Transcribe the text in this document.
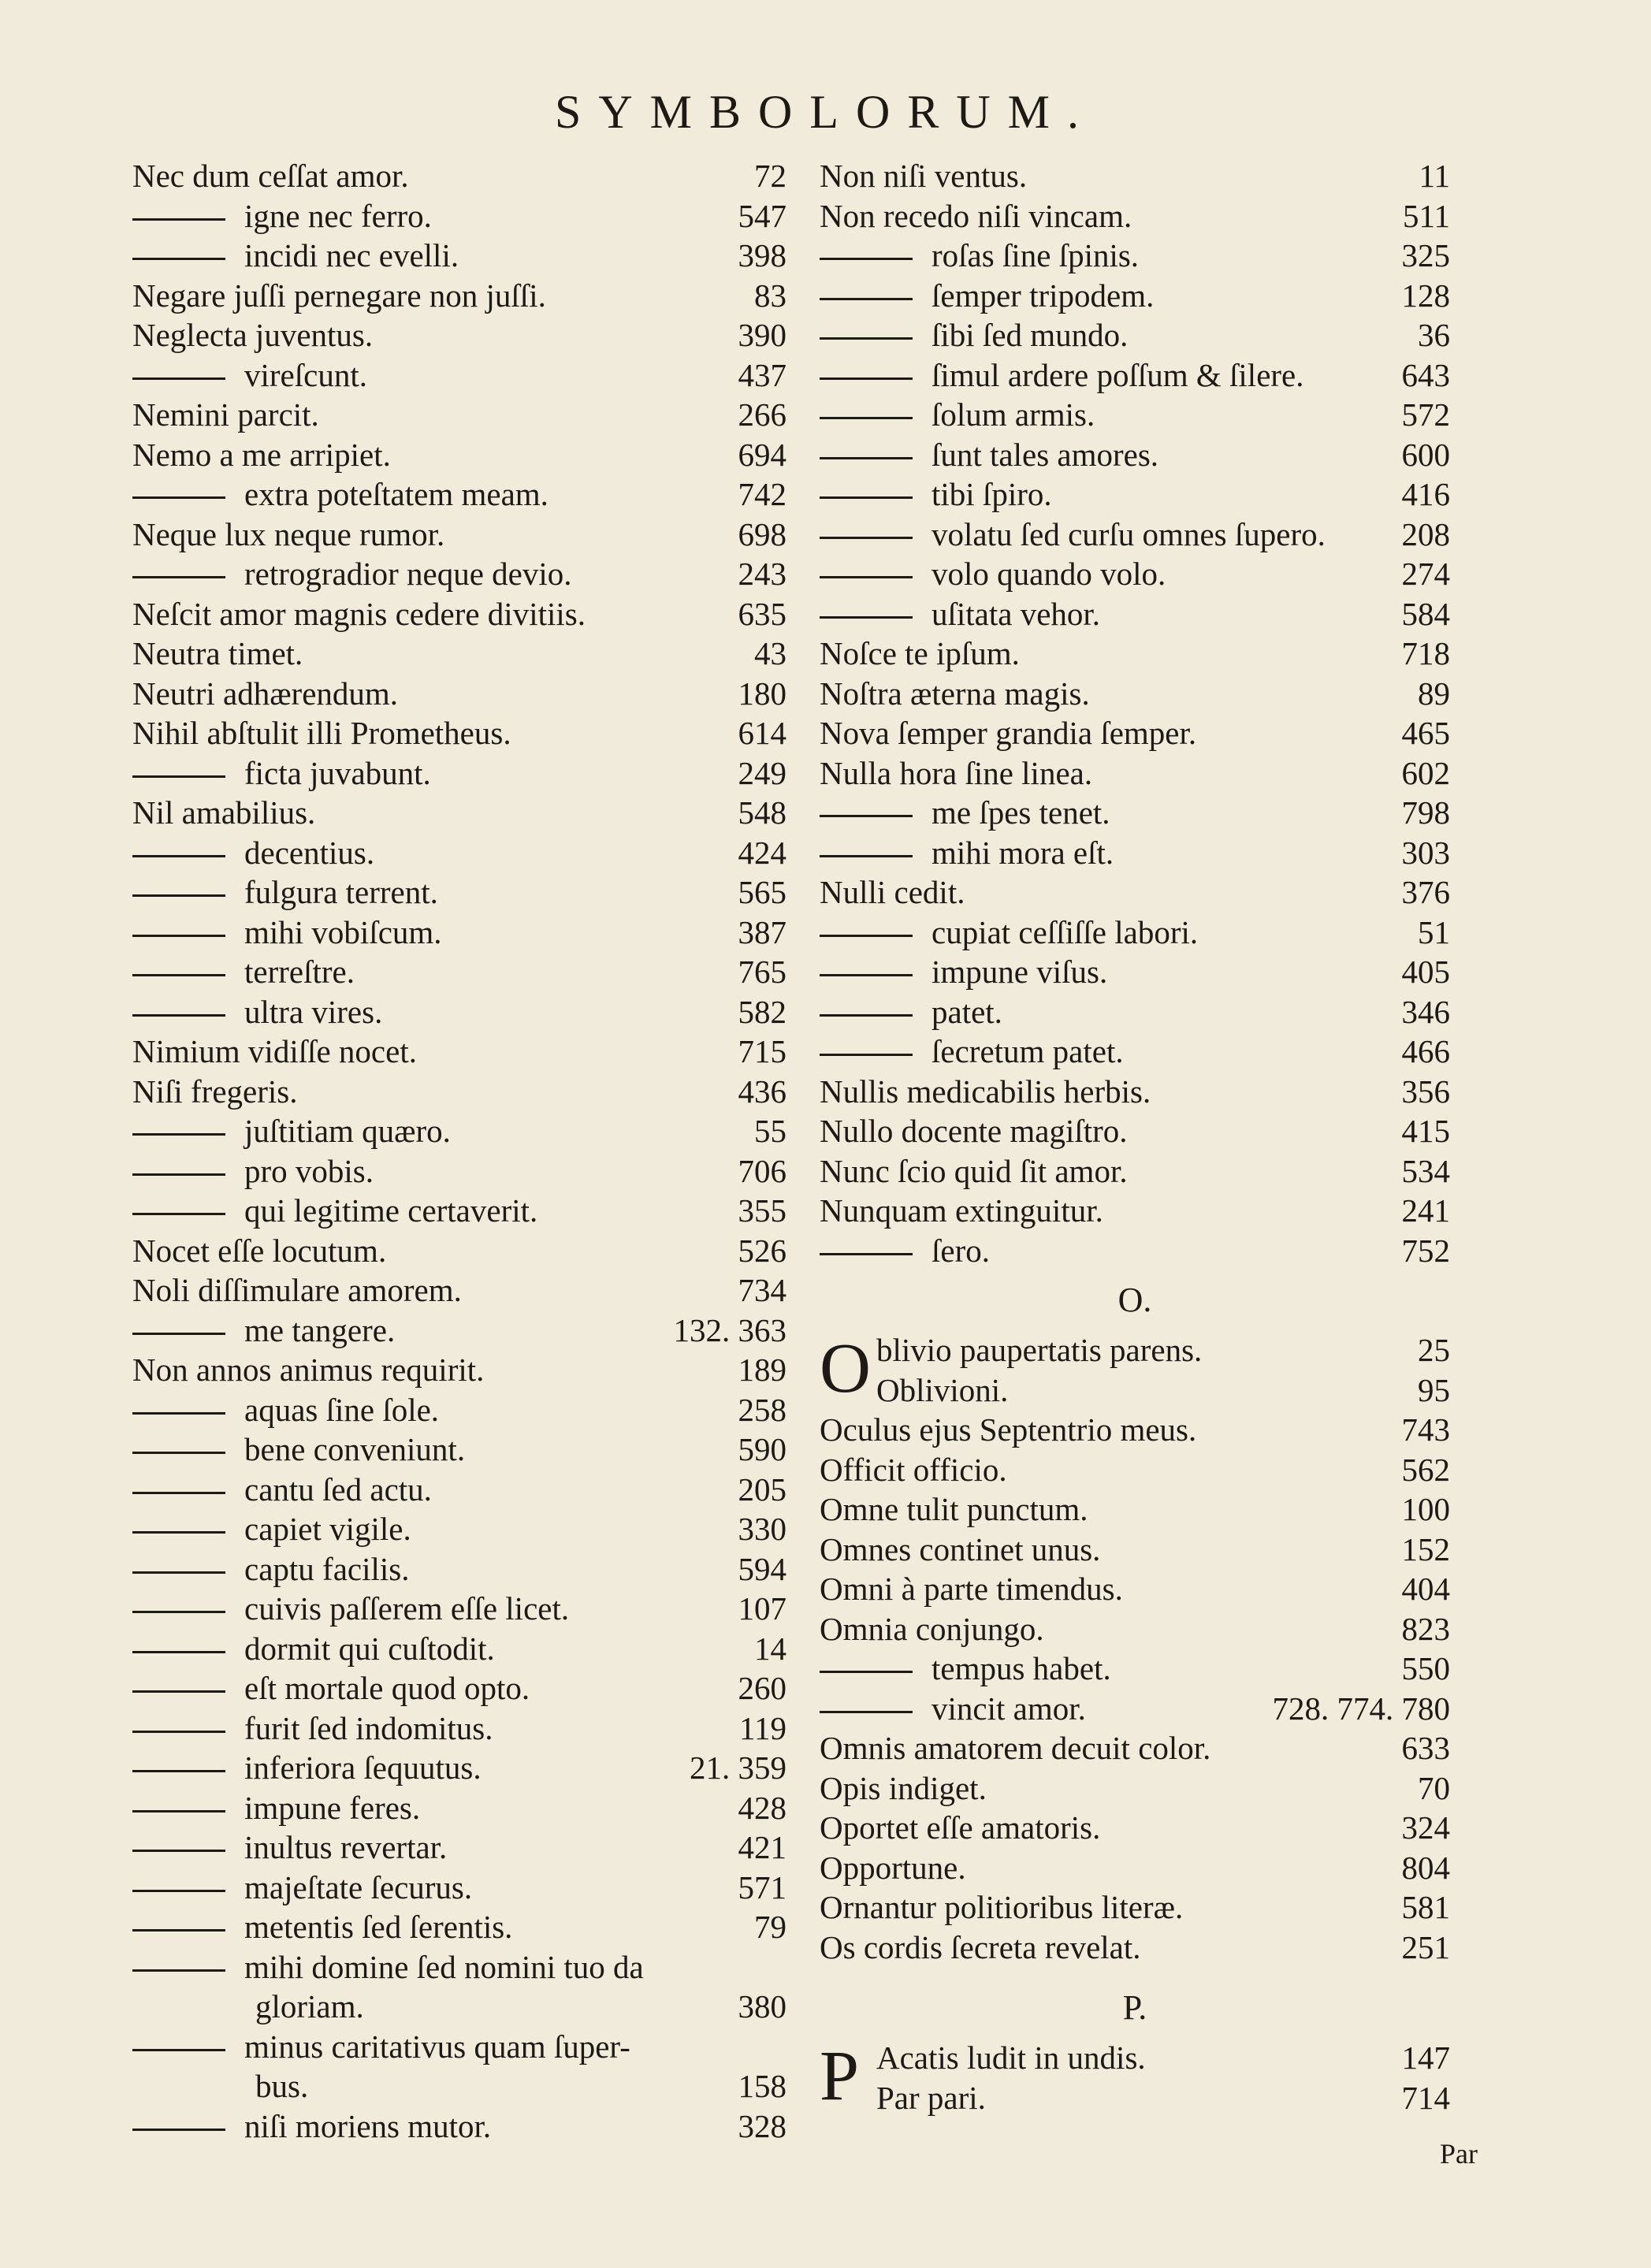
SYMBOLORUM.
Nec dum ceſſat amor.	72
igne nec ferro.	547
incidi nec evelli.	398
Negare juſſi pernegare non juſſi.	83
Neglecta juventus.	390
vireſcunt.	437
Nemini parcit.	266
Nemo a me arripiet.	694
extra poteſtatem meam.	742
Neque lux neque rumor.	698
retrogradior neque devio.	243
Neſcit amor magnis cedere divitiis.	635
Neutra timet.	43
Neutri adhærendum.	180
Nihil abſtulit illi Prometheus.	614
ficta juvabunt.	249
Nil amabilius.	548
decentius.	424
fulgura terrent.	565
mihi vobiſcum.	387
terreſtre.	765
ultra vires.	582
Nimium vidiſſe nocet.	715
Niſi fregeris.	436
juſtitiam quæro.	55
pro vobis.	706
qui legitime certaverit.	355
Nocet eſſe locutum.	526
Noli diſſimulare amorem.	734
me tangere.	132. 363
Non annos animus requirit.	189
aquas ſine ſole.	258
bene conveniunt.	590
cantu ſed actu.	205
capiet vigile.	330
captu facilis.	594
cuivis paſſerem eſſe licet.	107
dormit qui cuſtodit.	14
eſt mortale quod opto.	260
furit ſed indomitus.	119
inferiora ſequutus.	21. 359
impune feres.	428
inultus revertar.	421
majeſtate ſecurus.	571
metentis ſed ſerentis.	79
mihi domine ſed nomini tuo da
gloriam.	380
minus caritativus quam ſuper-
bus.	158
niſi moriens mutor.	328
Non niſi ventus.	11
Non recedo niſi vincam.	511
roſas ſine ſpinis.	325
ſemper tripodem.	128
ſibi ſed mundo.	36
ſimul ardere poſſum & ſilere.	643
ſolum armis.	572
ſunt tales amores.	600
tibi ſpiro.	416
volatu ſed curſu omnes ſupero. 208
volo quando volo.	274
uſitata vehor.	584
Noſce te ipſum.	718
Noſtra æterna magis.	89
Nova ſemper grandia ſemper.	465
Nulla hora ſine linea.	602
me ſpes tenet.	798
mihi mora eſt.	303
Nulli cedit.	376
cupiat ceſſiſſe labori.	51
impune viſus.	405
patet.	346
ſecretum patet.	466
Nullis medicabilis herbis.	356
Nullo docente magiſtro.	415
Nunc ſcio quid ſit amor.	534
Nunquam extinguitur.	241
ſero.	752
O.
O blivio paupertatis parens.	25
Oblivioni.	95
Oculus ejus Septentrio meus.	743
Officit officio.	562
Omne tulit punctum.	100
Omnes continet unus.	152
Omni à parte timendus.	404
Omnia conjungo.	823
tempus habet.	550
vincit amor.	728. 774. 780
Omnis amatorem decuit color.	633
Opis indiget.	70
Oportet eſſe amatoris.	324
Opportune.	804
Ornantur politioribus literæ.	581
Os cordis ſecreta revelat.	251
P.
P Acatis ludit in undis.	147
Par pari.	714
Par
